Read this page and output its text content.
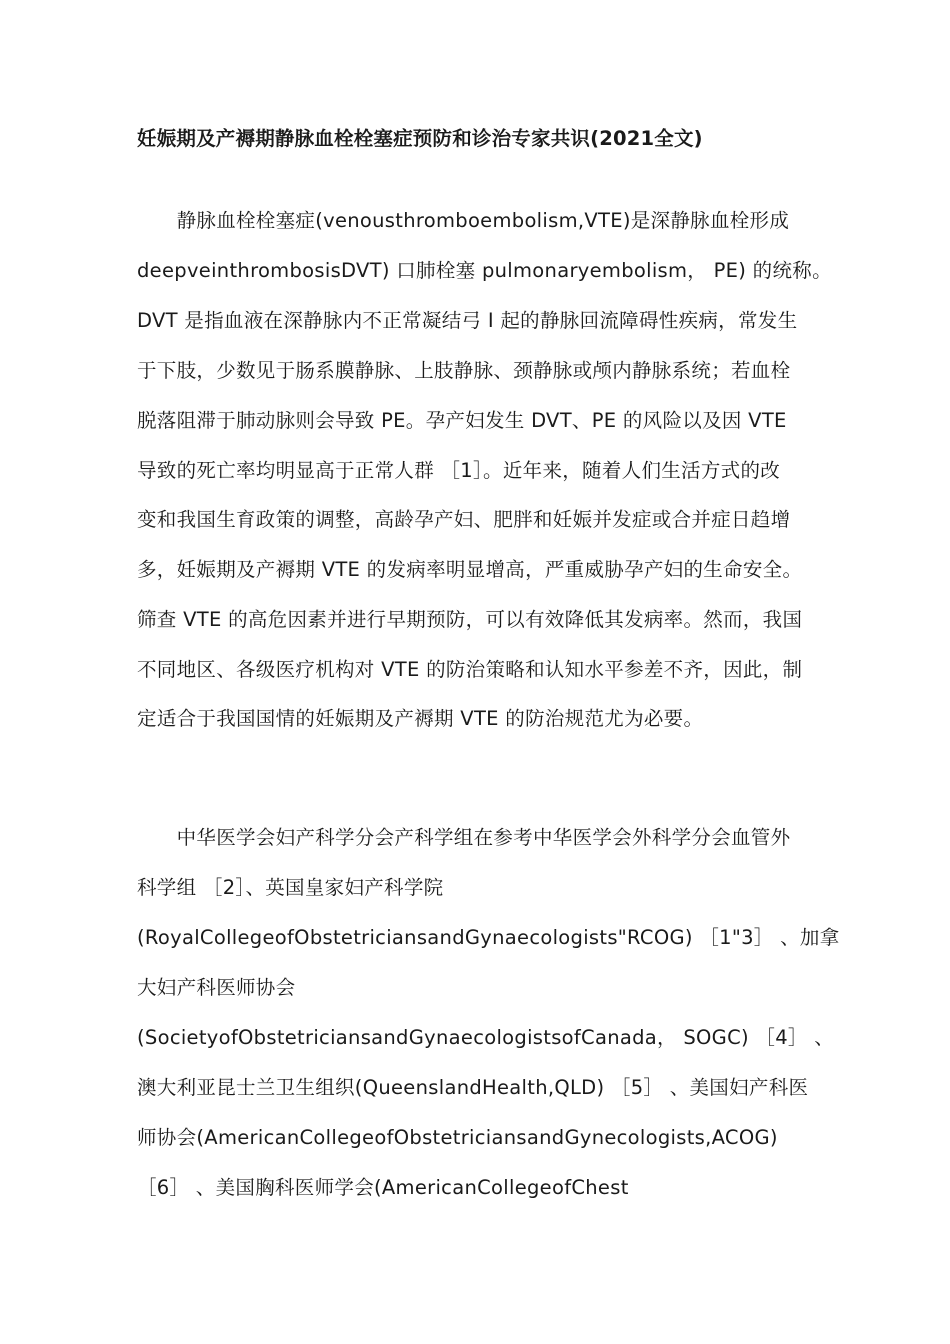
妊娠期及产褥期静脉血栓栓塞症预防和诊治专家共识(2021全文)
　　静脉血栓栓塞症(venousthromboembolism,VTE)是深静脉血栓形成
deepveinthrombosisDVT) 口肺栓塞 pulmonaryembolism， PE) 的统称。
DVT 是指血液在深静脉内不正常凝结弓 I 起的静脉回流障碍性疾病，常发生
于下肢，少数见于肠系膜静脉、上肢静脉、颈静脉或颅内静脉系统；若血栓
脱落阻滞于肺动脉则会导致 PE。孕产妇发生 DVT、PE 的风险以及因 VTE
导致的死亡率均明显高于正常人群 ［1］。近年来，随着人们生活方式的改
变和我国生育政策的调整，高龄孕产妇、肥胖和妊娠并发症或合并症日趋增
多，妊娠期及产褥期 VTE 的发病率明显增高，严重威胁孕产妇的生命安全。
筛查 VTE 的高危因素并进行早期预防，可以有效降低其发病率。然而，我国
不同地区、各级医疗机构对 VTE 的防治策略和认知水平参差不齐，因此，制
定适合于我国国情的妊娠期及产褥期 VTE 的防治规范尤为必要。
　　中华医学会妇产科学分会产科学组在参考中华医学会外科学分会血管外
科学组 ［2］、英国皇家妇产科学院
(RoyalCollegeofObstetriciansandGynaecologists"RCOG) ［1"3］ 、加拿
大妇产科医师协会
(SocietyofObstetriciansandGynaecologistsofCanada， SOGC) ［4］ 、
澳大利亚昆士兰卫生组织(QueenslandHealth,QLD) ［5］ 、美国妇产科医
师协会(AmericanCollegeofObstetriciansandGynecologists,ACOG)
［6］ 、美国胸科医师学会(AmericanCollegeofChest
